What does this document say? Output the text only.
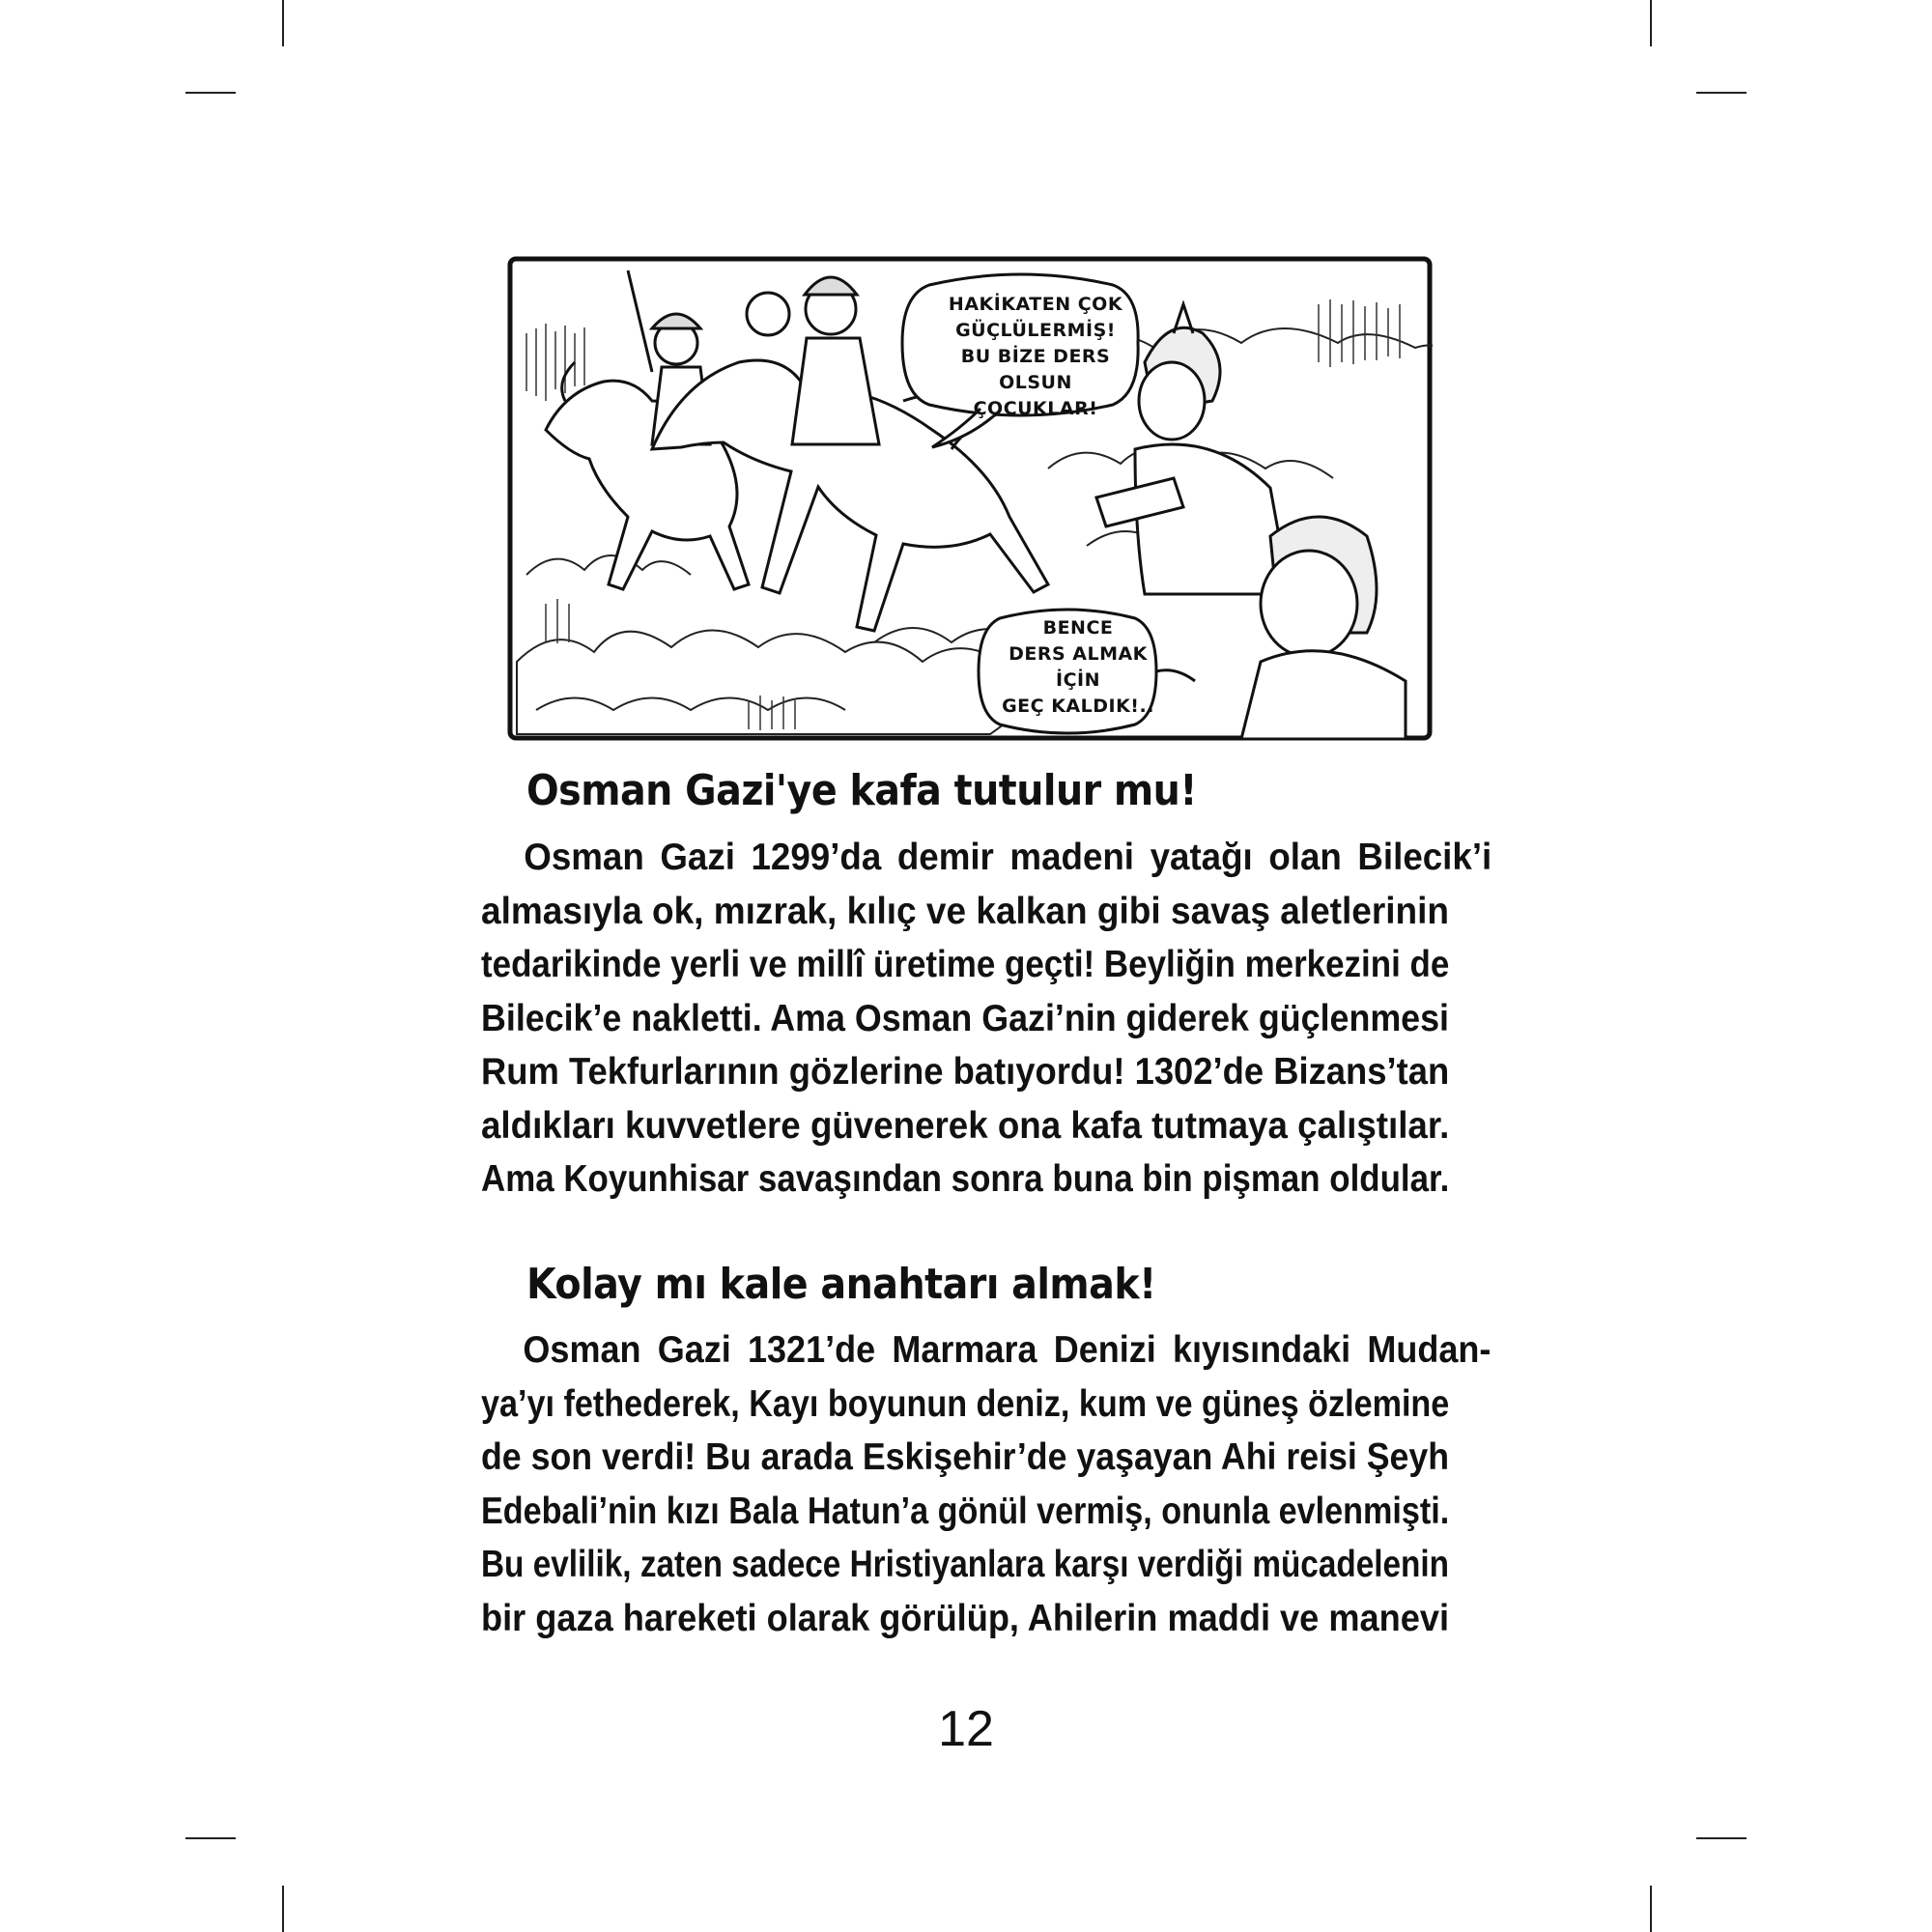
HAKİKATEN ÇOK
GÜÇLÜLERMİŞ!
BU BİZE DERS OLSUN
ÇOCUKLAR!
BENCE
DERS ALMAK İÇİN
GEÇ KALDIK!..
Osman Gazi'ye kafa tutulur mu!
Osman Gazi 1299’da demir madeni yatağı olan Bilecik’i
almasıyla ok, mızrak, kılıç ve kalkan gibi savaş aletlerinin
tedarikinde yerli ve millî üretime geçti! Beyliğin merkezini de
Bilecik’e nakletti. Ama Osman Gazi’nin giderek güçlenmesi
Rum Tekfurlarının gözlerine batıyordu! 1302’de Bizans’tan
aldıkları kuvvetlere güvenerek ona kafa tutmaya çalıştılar.
Ama Koyunhisar savaşından sonra buna bin pişman oldular.
Kolay mı kale anahtarı almak!
Osman Gazi 1321’de Marmara Denizi kıyısındaki Mudan-
ya’yı fethederek, Kayı boyunun deniz, kum ve güneş özlemine
de son verdi! Bu arada Eskişehir’de yaşayan Ahi reisi Şeyh
Edebali’nin kızı Bala Hatun’a gönül vermiş, onunla evlenmişti.
Bu evlilik, zaten sadece Hristiyanlara karşı verdiği mücadelenin
bir gaza hareketi olarak görülüp, Ahilerin maddi ve manevi
12
